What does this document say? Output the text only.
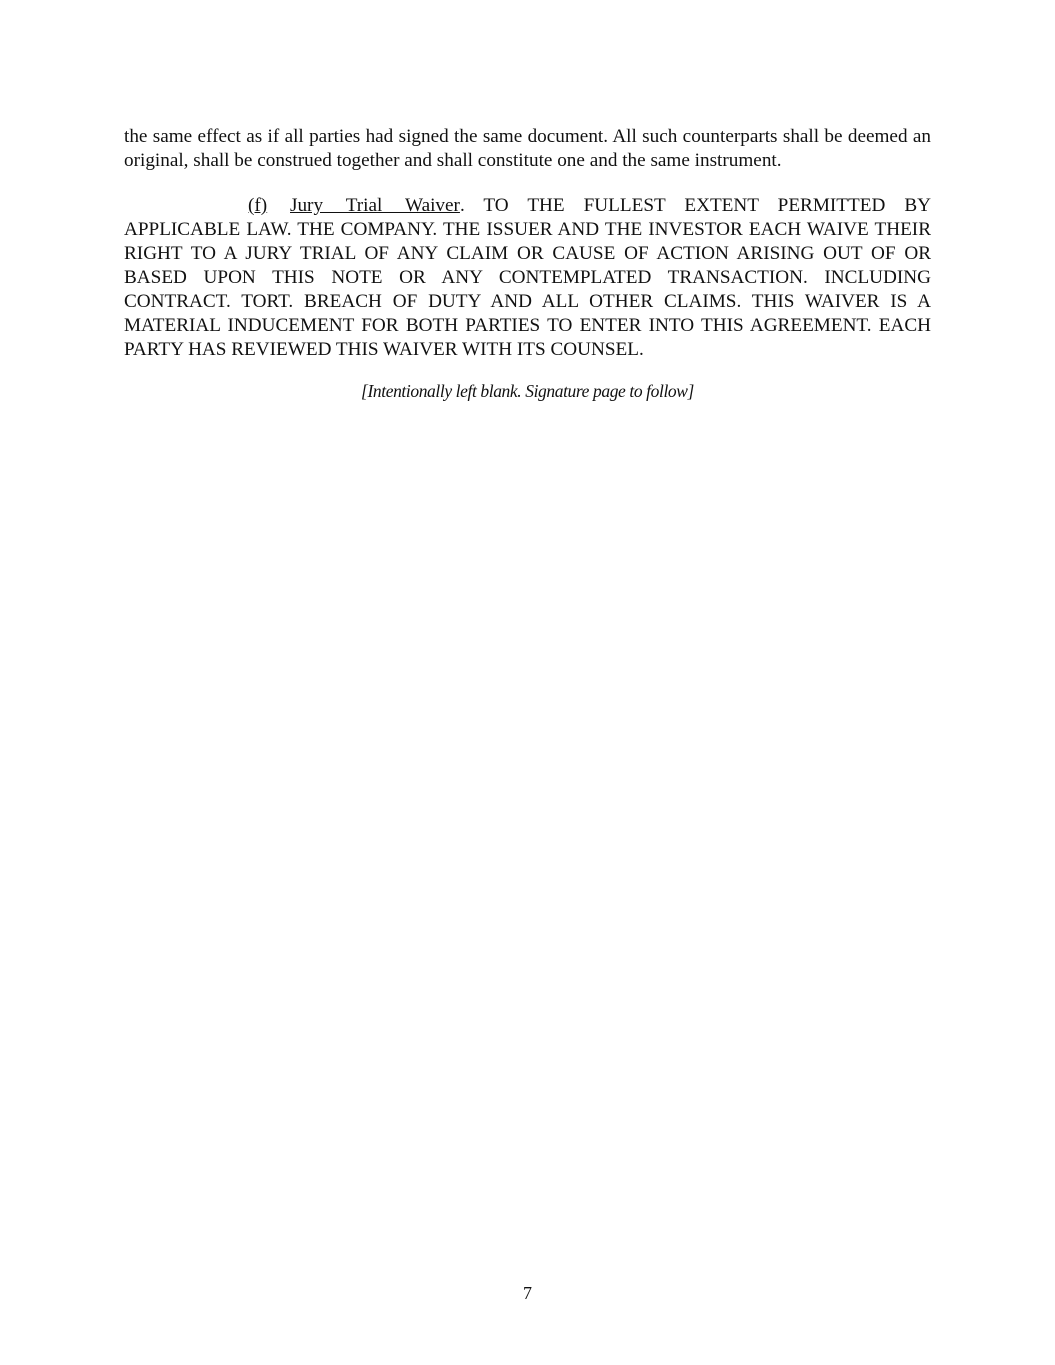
the same effect as if all parties had signed the same document. All such counterparts shall be deemed an original, shall be construed together and shall constitute one and the same instrument.

(f) Jury Trial Waiver. TO THE FULLEST EXTENT PERMITTED BY APPLICABLE LAW. THE COMPANY. THE ISSUER AND THE INVESTOR EACH WAIVE THEIR RIGHT TO A JURY TRIAL OF ANY CLAIM OR CAUSE OF ACTION ARISING OUT OF OR BASED UPON THIS NOTE OR ANY CONTEMPLATED TRANSACTION. INCLUDING CONTRACT. TORT. BREACH OF DUTY AND ALL OTHER CLAIMS. THIS WAIVER IS A MATERIAL INDUCEMENT FOR BOTH PARTIES TO ENTER INTO THIS AGREEMENT. EACH PARTY HAS REVIEWED THIS WAIVER WITH ITS COUNSEL.

[Intentionally left blank. Signature page to follow]

7
